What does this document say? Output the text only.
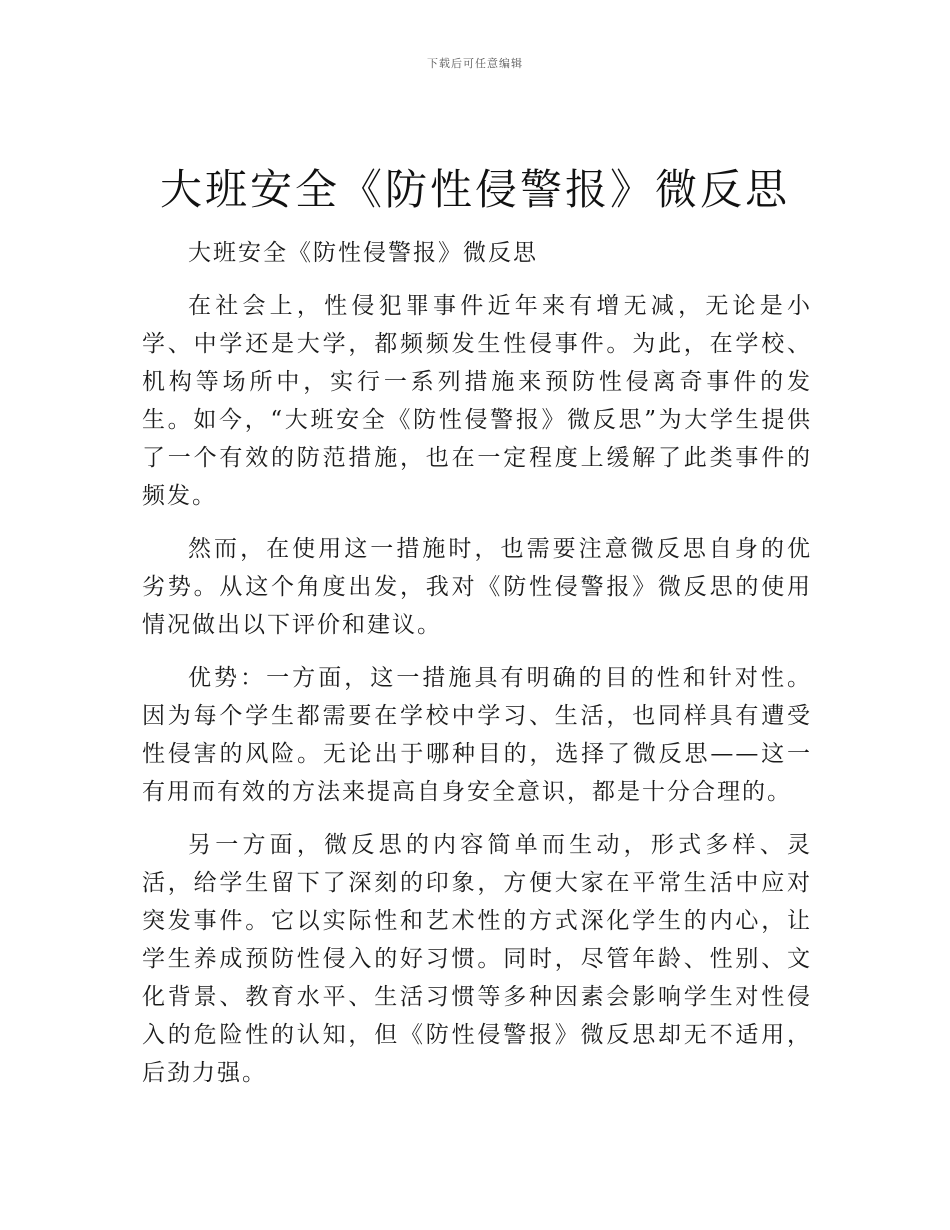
下载后可任意编辑
大班安全《防性侵警报》微反思

大班安全《防性侵警报》微反思

在社会上，性侵犯罪事件近年来有增无减，无论是小学、中学还是大学，都频频发生性侵事件。为此，在学校、机构等场所中，实行一系列措施来预防性侵离奇事件的发生。如今，“大班安全《防性侵警报》微反思”为大学生提供了一个有效的防范措施，也在一定程度上缓解了此类事件的频发。

然而，在使用这一措施时，也需要注意微反思自身的优劣势。从这个角度出发，我对《防性侵警报》微反思的使用情况做出以下评价和建议。

优势：一方面，这一措施具有明确的目的性和针对性。因为每个学生都需要在学校中学习、生活，也同样具有遭受性侵害的风险。无论出于哪种目的，选择了微反思——这一有用而有效的方法来提高自身安全意识，都是十分合理的。

另一方面，微反思的内容简单而生动，形式多样、灵活，给学生留下了深刻的印象，方便大家在平常生活中应对突发事件。它以实际性和艺术性的方式深化学生的内心，让学生养成预防性侵入的好习惯。同时，尽管年龄、性别、文化背景、教育水平、生活习惯等多种因素会影响学生对性侵入的危险性的认知，但《防性侵警报》微反思却无不适用，后劲力强。
